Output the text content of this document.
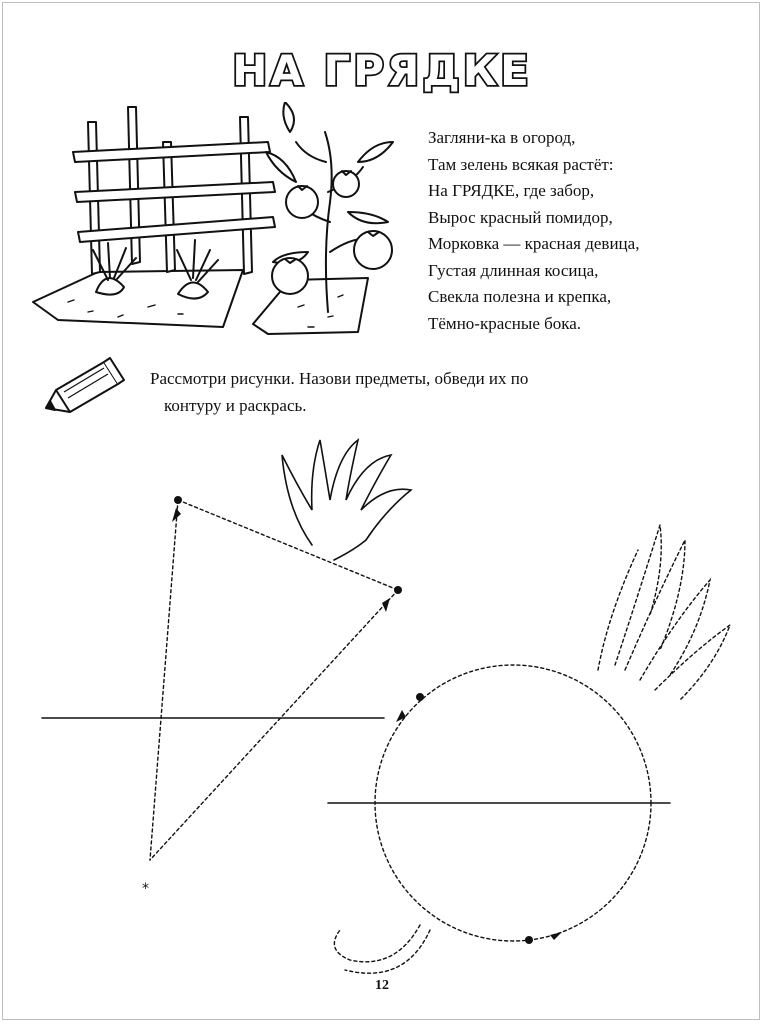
НА ГРЯДКЕ
Загляни-ка в огород,
Там зелень всякая растёт:
На ГРЯДКЕ, где забор,
Вырос красный помидор,
Морковка — красная девица,
Густая длинная косица,
Свекла полезна и крепка,
Тёмно-красные бока.
Рассмотри рисунки. Назови предметы, обведи их по
контуру и раскрась.
*
12
